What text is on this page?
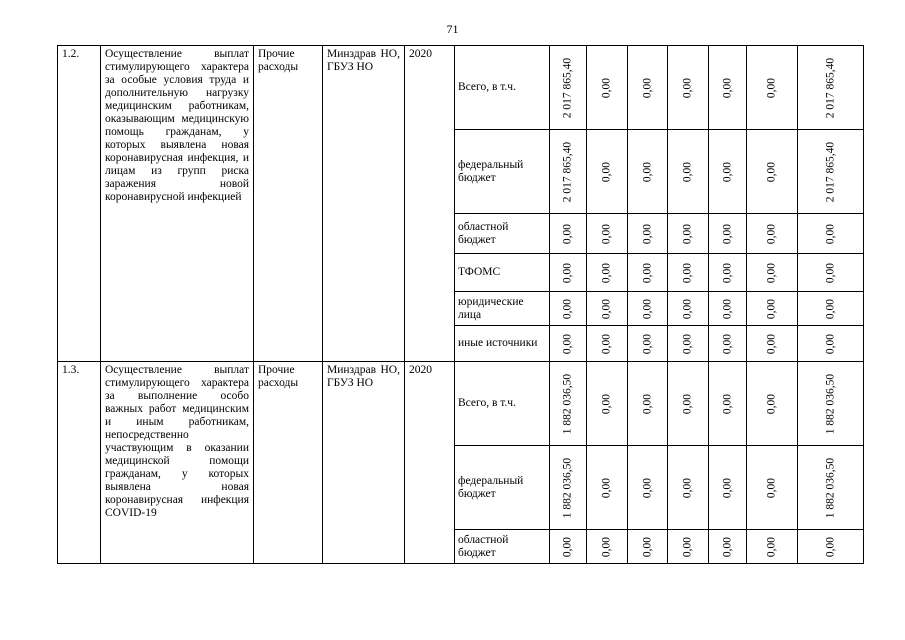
71
1.2.	Осуществление выплат стимулирующего характера за особые условия труда и дополнительную нагрузку медицинским работникам, оказывающим медицинскую помощь гражданам, у которых выявлена новая коронавирусная инфекция, и лицам из групп риска заражения новой коронавирусной инфекцией	Прочие расходы	Минздрав НО, ГБУЗ НО	2020	Всего, в т.ч.	2 017 865,40	0,00	0,00	0,00	0,00	0,00	2 017 865,40

					федеральный бюджет	2 017 865,40	0,00	0,00	0,00	0,00	0,00	2 017 865,40

					областной бюджет	0,00	0,00	0,00	0,00	0,00	0,00	0,00

					ТФОМС	0,00	0,00	0,00	0,00	0,00	0,00	0,00

					юридические лица	0,00	0,00	0,00	0,00	0,00	0,00	0,00

					иные источники	0,00	0,00	0,00	0,00	0,00	0,00	0,00

1.3.	Осуществление выплат стимулирующего характера за выполнение особо важных работ медицинским и иным работникам, непосредственно участвующим в оказании медицинской помощи гражданам, у которых выявлена новая коронавирусная инфекция COVID-19	Прочие расходы	Минздрав НО, ГБУЗ НО	2020	Всего, в т.ч.	1 882 036,50	0,00	0,00	0,00	0,00	0,00	1 882 036,50

					федеральный бюджет	1 882 036,50	0,00	0,00	0,00	0,00	0,00	1 882 036,50

					областной бюджет	0,00	0,00	0,00	0,00	0,00	0,00	0,00
